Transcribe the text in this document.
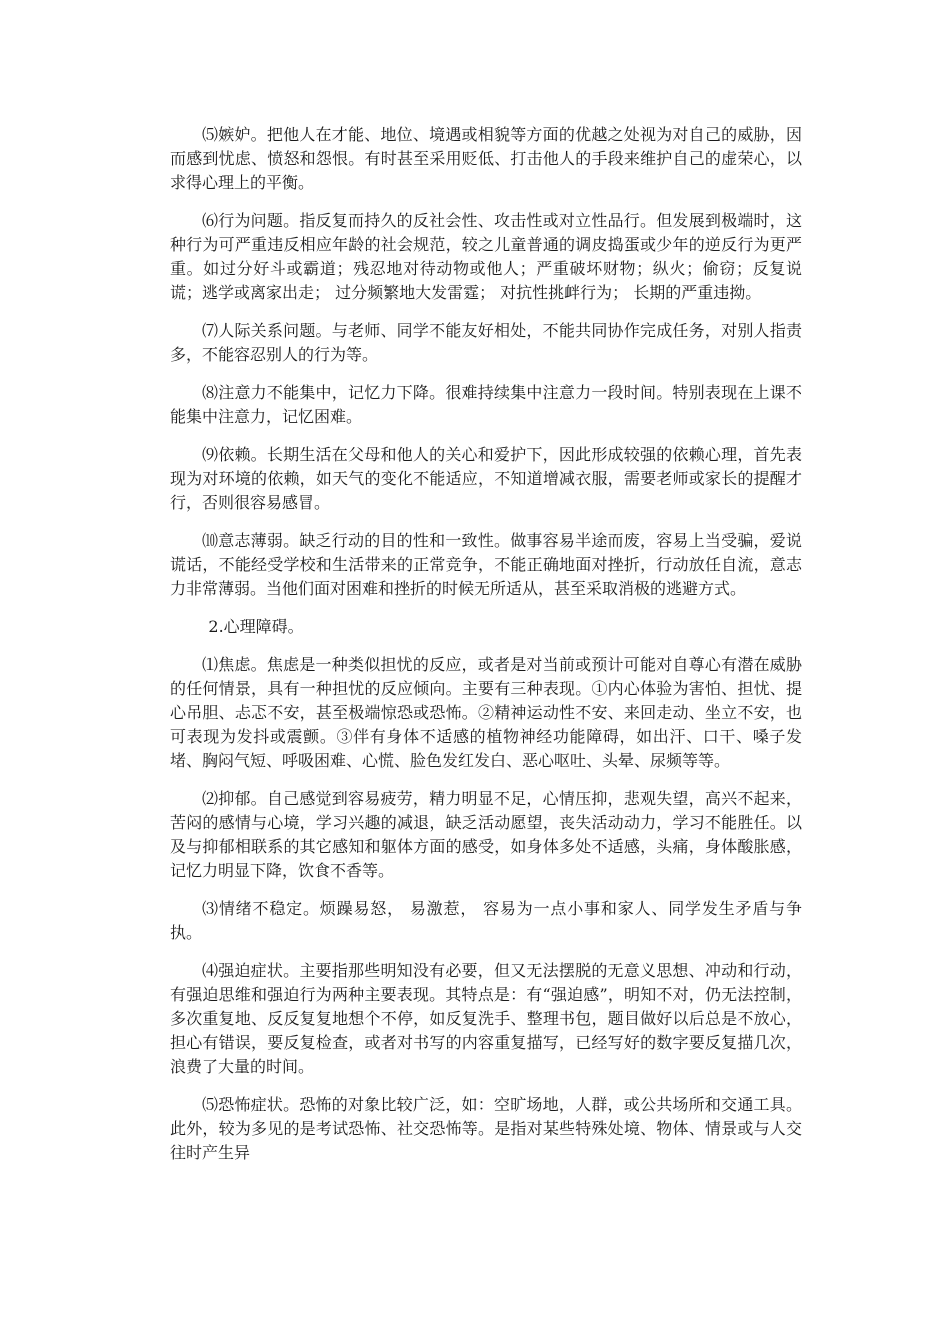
⑸嫉妒。把他人在才能、地位、境遇或相貌等方面的优越之处视为对自己的威胁，因而感到忧虑、愤怒和怨恨。有时甚至采用贬低、打击他人的手段来维护自己的虚荣心，以求得心理上的平衡。

⑹行为问题。指反复而持久的反社会性、攻击性或对立性品行。但发展到极端时，这种行为可严重违反相应年龄的社会规范，较之儿童普通的调皮捣蛋或少年的逆反行为更严重。如过分好斗或霸道；残忍地对待动物或他人；严重破坏财物；纵火；偷窃；反复说谎；逃学或离家出走； 过分频繁地大发雷霆； 对抗性挑衅行为； 长期的严重违拗。

⑺人际关系问题。与老师、同学不能友好相处，不能共同协作完成任务，对别人指责多，不能容忍别人的行为等。

⑻注意力不能集中，记忆力下降。很难持续集中注意力一段时间。特别表现在上课不能集中注意力，记忆困难。

⑼依赖。长期生活在父母和他人的关心和爱护下，因此形成较强的依赖心理，首先表现为对环境的依赖，如天气的变化不能适应，不知道增减衣服，需要老师或家长的提醒才行，否则很容易感冒。

⑽意志薄弱。缺乏行动的目的性和一致性。做事容易半途而废，容易上当受骗，爱说谎话，不能经受学校和生活带来的正常竞争，不能正确地面对挫折，行动放任自流，意志力非常薄弱。当他们面对困难和挫折的时候无所适从，甚至采取消极的逃避方式。

2.心理障碍。

⑴焦虑。焦虑是一种类似担忧的反应，或者是对当前或预计可能对自尊心有潜在威胁的任何情景，具有一种担忧的反应倾向。主要有三种表现。①内心体验为害怕、担忧、提心吊胆、忐忑不安，甚至极端惊恐或恐怖。②精神运动性不安、来回走动、坐立不安，也可表现为发抖或震颤。③伴有身体不适感的植物神经功能障碍，如出汗、口干、嗓子发堵、胸闷气短、呼吸困难、心慌、脸色发红发白、恶心呕吐、头晕、尿频等等。

⑵抑郁。自己感觉到容易疲劳，精力明显不足，心情压抑，悲观失望，高兴不起来，苦闷的感情与心境，学习兴趣的减退，缺乏活动愿望，丧失活动动力，学习不能胜任。以及与抑郁相联系的其它感知和躯体方面的感受，如身体多处不适感，头痛，身体酸胀感，记忆力明显下降，饮食不香等。

⑶情绪不稳定。烦躁易怒， 易激惹， 容易为一点小事和家人、同学发生矛盾与争执。

⑷强迫症状。主要指那些明知没有必要，但又无法摆脱的无意义思想、冲动和行动，有强迫思维和强迫行为两种主要表现。其特点是：有“强迫感”，明知不对，仍无法控制，多次重复地、反反复复地想个不停，如反复洗手、整理书包，题目做好以后总是不放心，担心有错误，要反复检查，或者对书写的内容重复描写，已经写好的数字要反复描几次，浪费了大量的时间。

⑸恐怖症状。恐怖的对象比较广泛，如：空旷场地，人群，或公共场所和交通工具。此外，较为多见的是考试恐怖、社交恐怖等。是指对某些特殊处境、物体、情景或与人交往时产生异
